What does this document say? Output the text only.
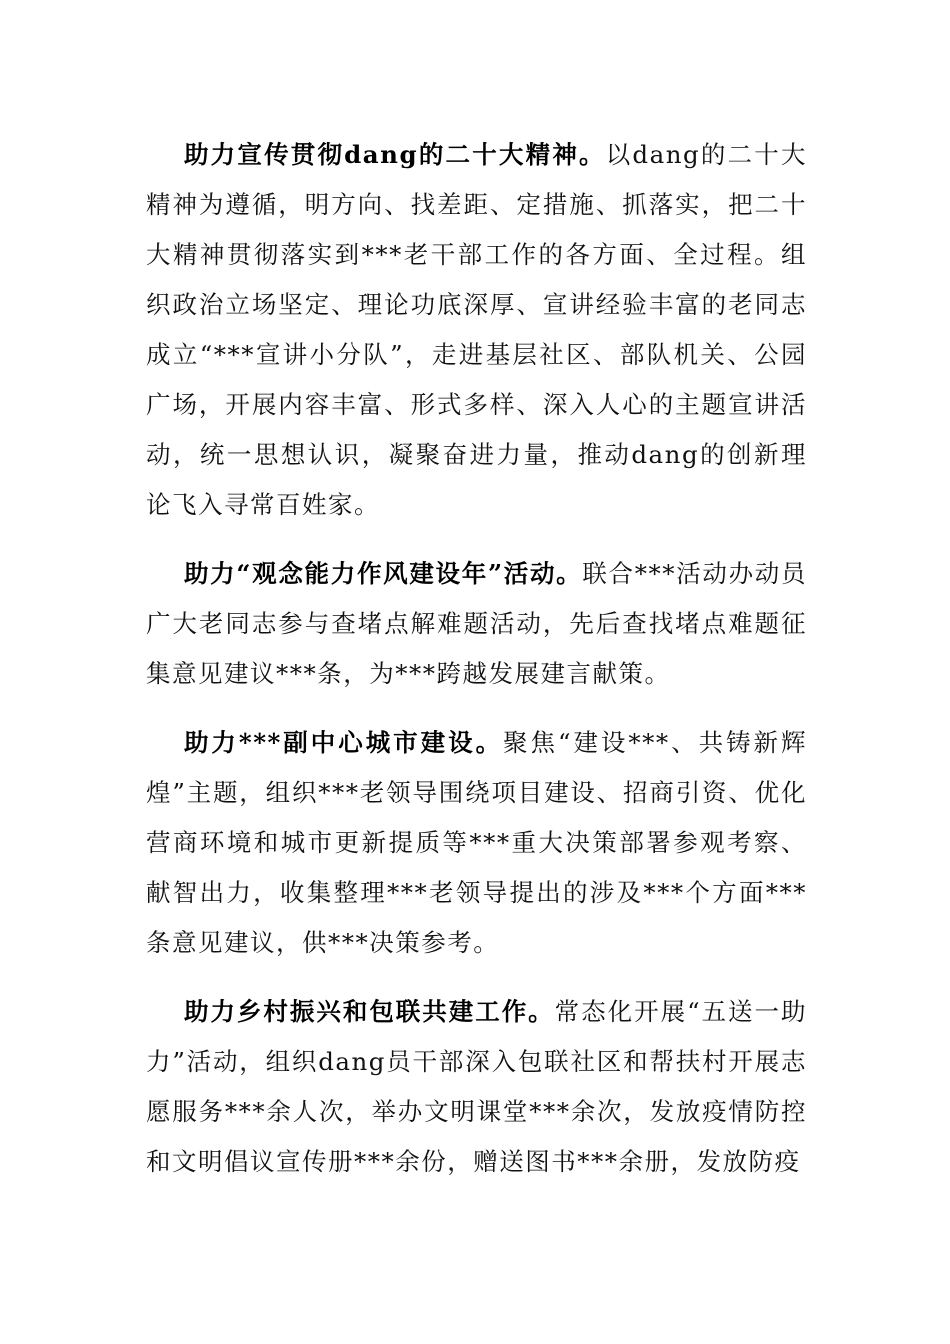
助力宣传贯彻dang的二十大精神。以dang的二十大精神为遵循，明方向、找差距、定措施、抓落实，把二十大精神贯彻落实到***老干部工作的各方面、全过程。组织政治立场坚定、理论功底深厚、宣讲经验丰富的老同志成立“***宣讲小分队”，走进基层社区、部队机关、公园广场，开展内容丰富、形式多样、深入人心的主题宣讲活动，统一思想认识，凝聚奋进力量，推动dang的创新理论飞入寻常百姓家。

助力“观念能力作风建设年”活动。联合***活动办动员广大老同志参与查堵点解难题活动，先后查找堵点难题征集意见建议***条，为***跨越发展建言献策。

助力***副中心城市建设。聚焦“建设***、共铸新辉煌”主题，组织***老领导围绕项目建设、招商引资、优化营商环境和城市更新提质等***重大决策部署参观考察、献智出力，收集整理***老领导提出的涉及***个方面***条意见建议，供***决策参考。

助力乡村振兴和包联共建工作。常态化开展“五送一助力”活动，组织dang员干部深入包联社区和帮扶村开展志愿服务***余人次，举办文明课堂***余次，发放疫情防控和文明倡议宣传册***余份，赠送图书***余册，发放防疫
